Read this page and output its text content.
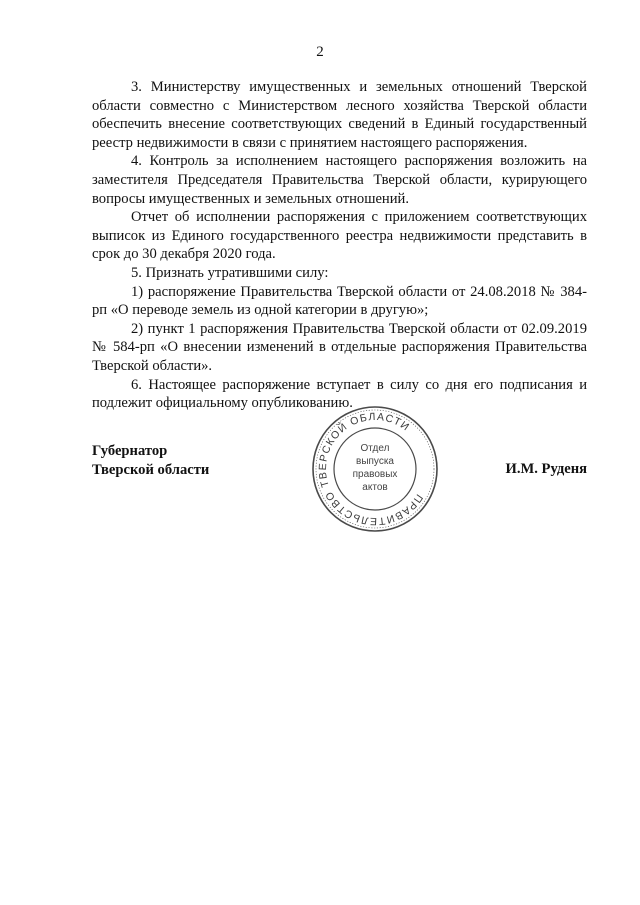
2

3. Министерству имущественных и земельных отношений Тверской области совместно с Министерством лесного хозяйства Тверской области обеспечить внесение соответствующих сведений в Единый государственный реестр недвижимости в связи с принятием настоящего распоряжения.

4. Контроль за исполнением настоящего распоряжения возложить на заместителя Председателя Правительства Тверской области, курирующего вопросы имущественных и земельных отношений.

Отчет об исполнении распоряжения с приложением соответствующих выписок из Единого государственного реестра недвижимости представить в срок до 30 декабря 2020 года.

5. Признать утратившими силу:

1) распоряжение Правительства Тверской области от 24.08.2018 № 384-рп «О переводе земель из одной категории в другую»;

2) пункт 1 распоряжения Правительства Тверской области от 02.09.2019 № 584-рп «О внесении изменений в отдельные распоряжения Правительства Тверской области».

6. Настоящее распоряжение вступает в силу со дня его подписания и подлежит официальному опубликованию.

Губернатор
Тверской области	И.М. Руденя
ПРАВИТЕЛЬСТВО ТВЕРСКОЙ ОБЛАСТИ
Отдел
выпуска
правовых
актов
